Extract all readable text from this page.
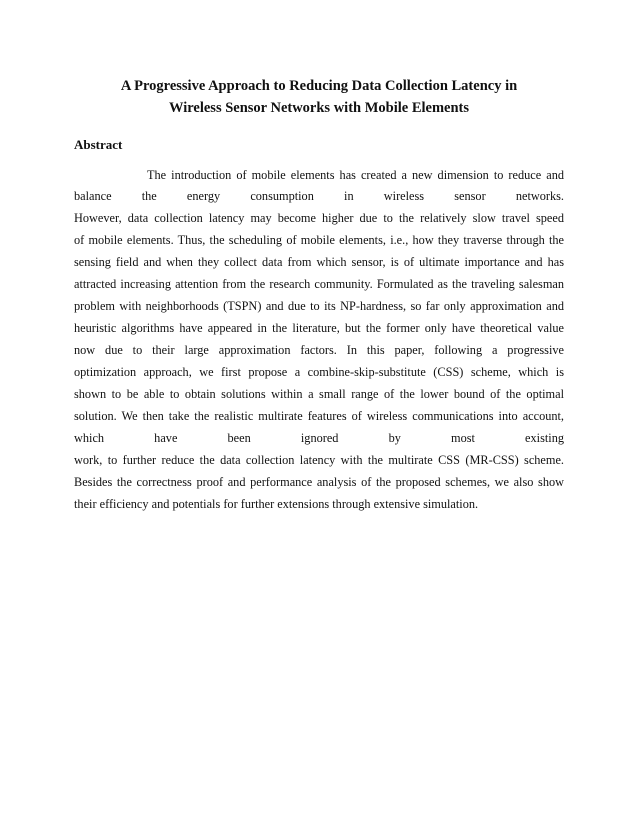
A Progressive Approach to Reducing Data Collection Latency in
Wireless Sensor Networks with Mobile Elements
Abstract
The introduction of mobile elements has created a new dimension to reduce and
balance the energy consumption in wireless sensor networks.
However, data collection latency may become higher due to the relatively slow travel speed
of mobile elements. Thus, the scheduling of mobile elements, i.e., how they traverse through the
sensing field and when they collect data from which sensor, is of ultimate importance and has
attracted increasing attention from the research community. Formulated as the traveling salesman
problem with neighborhoods (TSPN) and due to its NP-hardness, so far only approximation and
heuristic algorithms have appeared in the literature, but the former only have theoretical value
now due to their large approximation factors. In this paper, following a progressive
optimization approach, we first propose a combine-skip-substitute (CSS) scheme, which is
shown to be able to obtain solutions within a small range of the lower bound of the optimal
solution. We then take the realistic multirate features of wireless communications into account,
which have been ignored by most existing
work, to further reduce the data collection latency with the multirate CSS (MR-CSS) scheme.
Besides the correctness proof and performance analysis of the proposed schemes, we also show
their efficiency and potentials for further extensions through extensive simulation.
